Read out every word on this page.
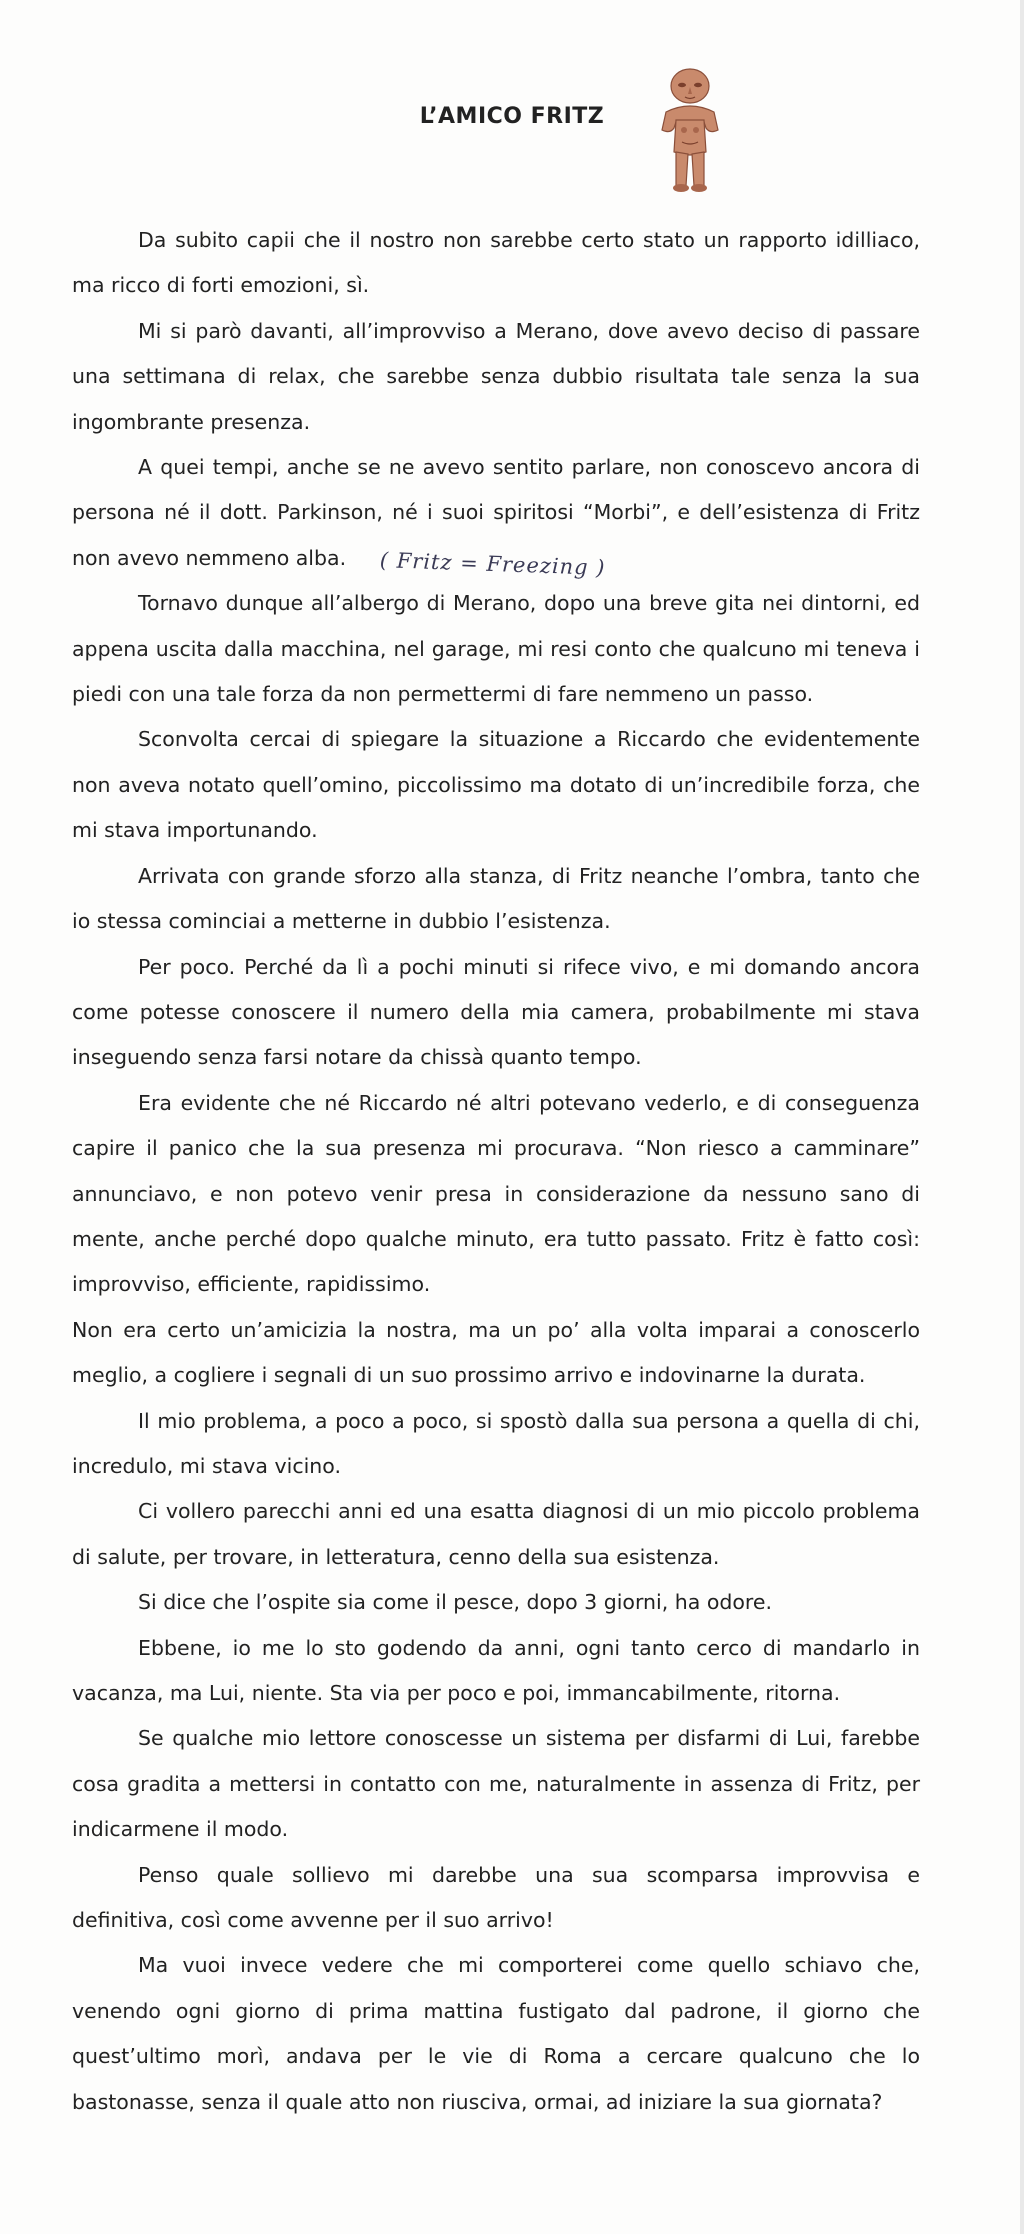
L’AMICO FRITZ

Da subito capii che il nostro non sarebbe certo stato un rapporto idilliaco, ma ricco di forti emozioni, sì.

Mi si parò davanti, all’improvviso a Merano, dove avevo deciso di passare una settimana di relax, che sarebbe senza dubbio risultata tale senza la sua ingombrante presenza.

A quei tempi, anche se ne avevo sentito parlare, non conoscevo ancora di persona né il dott. Parkinson, né i suoi spiritosi “Morbi”, e dell’esistenza di Fritz non avevo nemmeno alba. ( Fritz = Freezing )

Tornavo dunque all’albergo di Merano, dopo una breve gita nei dintorni, ed appena uscita dalla macchina, nel garage, mi resi conto che qualcuno mi teneva i piedi con una tale forza da non permettermi di fare nemmeno un passo.

Sconvolta cercai di spiegare la situazione a Riccardo che evidentemente non aveva notato quell’omino, piccolissimo ma dotato di un’incredibile forza, che mi stava importunando.

Arrivata con grande sforzo alla stanza, di Fritz neanche l’ombra, tanto che io stessa cominciai a metterne in dubbio l’esistenza.

Per poco. Perché da lì a pochi minuti si rifece vivo, e mi domando ancora come potesse conoscere il numero della mia camera, probabilmente mi stava inseguendo senza farsi notare da chissà quanto tempo.

Era evidente che né Riccardo né altri potevano vederlo, e di conseguenza capire il panico che la sua presenza mi procurava. “Non riesco a camminare” annunciavo, e non potevo venir presa in considerazione da nessuno sano di mente, anche perché dopo qualche minuto, era tutto passato. Fritz è fatto così: improvviso, efficiente, rapidissimo.

Non era certo un’amicizia la nostra, ma un po’ alla volta imparai a conoscerlo meglio, a cogliere i segnali di un suo prossimo arrivo e indovinarne la durata.

Il mio problema, a poco a poco, si spostò dalla sua persona a quella di chi, incredulo, mi stava vicino.

Ci vollero parecchi anni ed una esatta diagnosi di un mio piccolo problema di salute, per trovare, in letteratura, cenno della sua esistenza.

Si dice che l’ospite sia come il pesce, dopo 3 giorni, ha odore.

Ebbene, io me lo sto godendo da anni, ogni tanto cerco di mandarlo in vacanza, ma Lui, niente. Sta via per poco e poi, immancabilmente, ritorna.

Se qualche mio lettore conoscesse un sistema per disfarmi di Lui, farebbe cosa gradita a mettersi in contatto con me, naturalmente in assenza di Fritz, per indicarmene il modo.

Penso quale sollievo mi darebbe una sua scomparsa improvvisa e definitiva, così come avvenne per il suo arrivo!

Ma vuoi invece vedere che mi comporterei come quello schiavo che, venendo ogni giorno di prima mattina fustigato dal padrone, il giorno che quest’ultimo morì, andava per le vie di Roma a cercare qualcuno che lo bastonasse, senza il quale atto non riusciva, ormai, ad iniziare la sua giornata?
